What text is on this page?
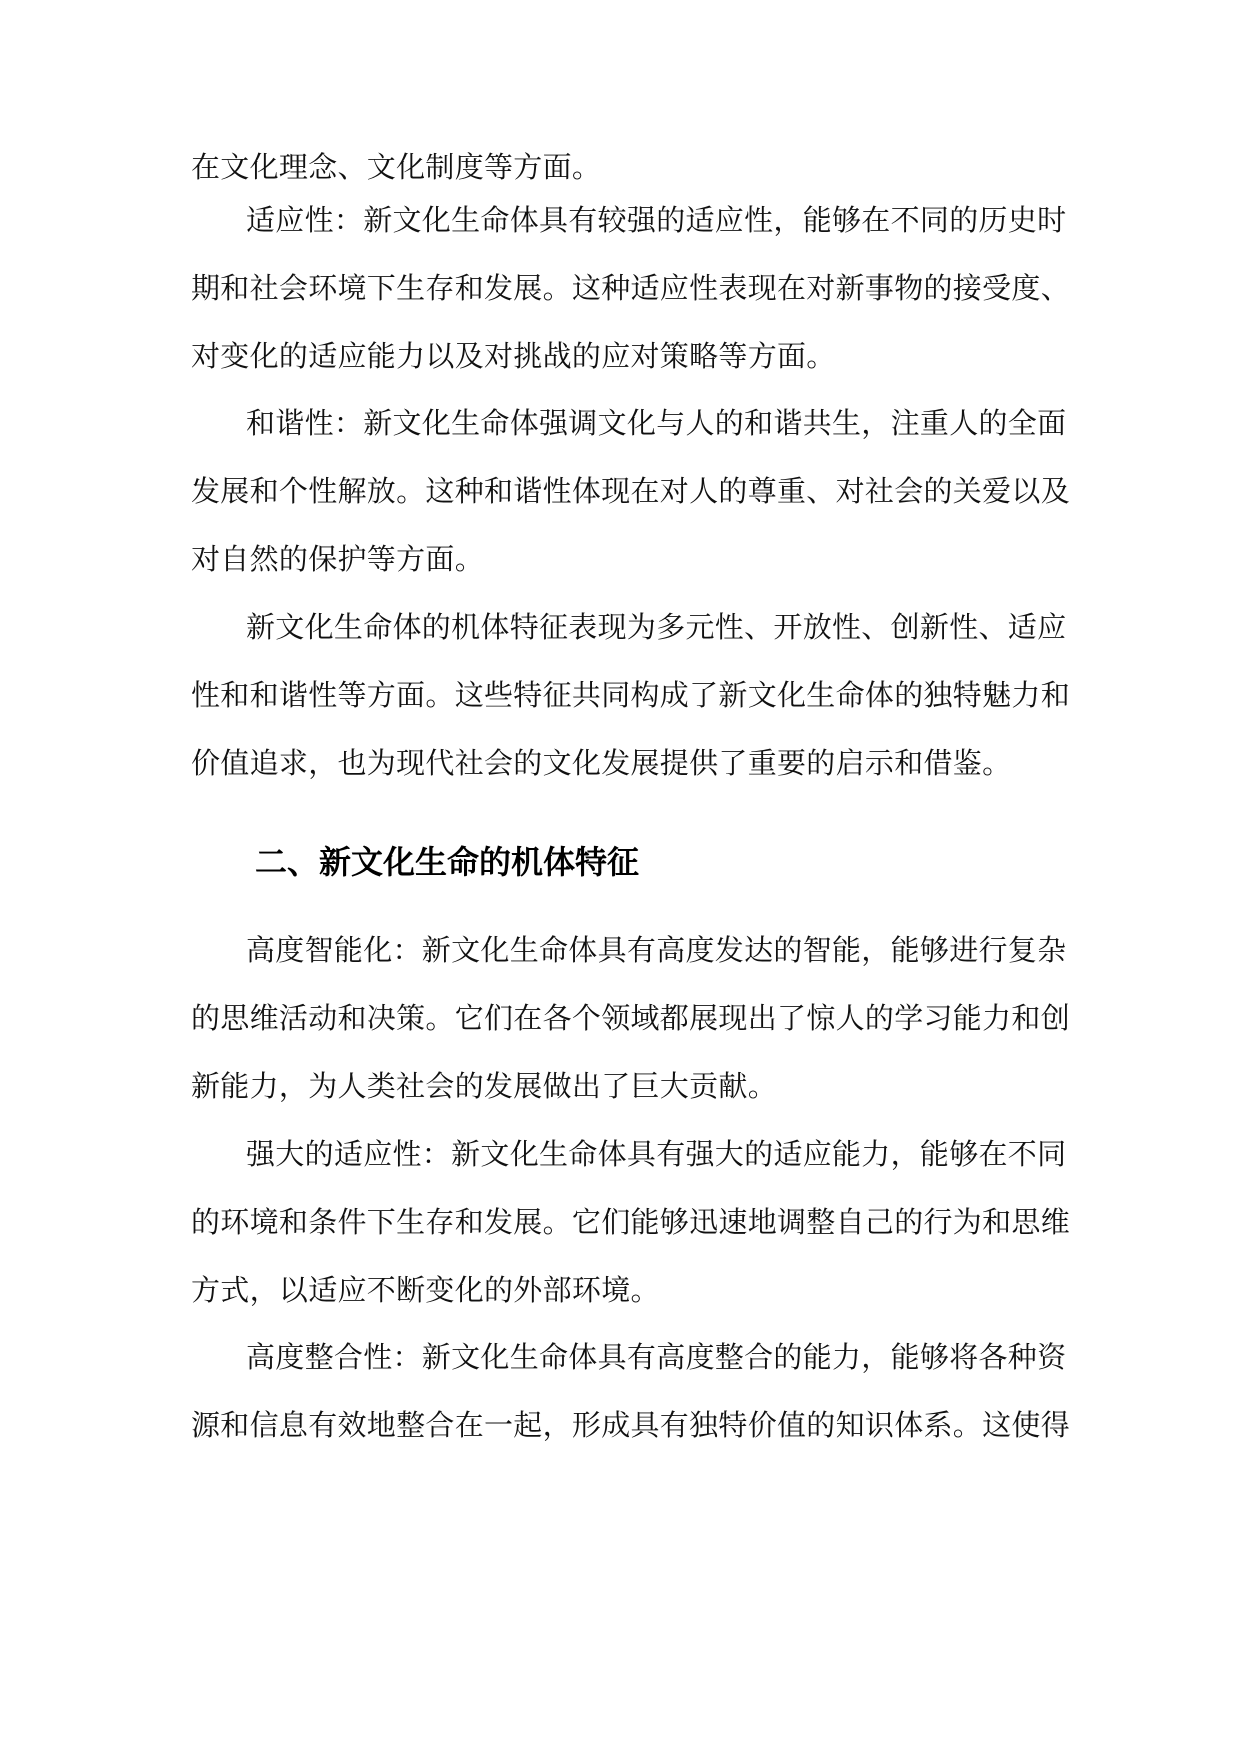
在文化理念、文化制度等方面。
适应性：新文化生命体具有较强的适应性，能够在不同的历史时
期和社会环境下生存和发展。这种适应性表现在对新事物的接受度、
对变化的适应能力以及对挑战的应对策略等方面。
和谐性：新文化生命体强调文化与人的和谐共生，注重人的全面
发展和个性解放。这种和谐性体现在对人的尊重、对社会的关爱以及
对自然的保护等方面。
新文化生命体的机体特征表现为多元性、开放性、创新性、适应
性和和谐性等方面。这些特征共同构成了新文化生命体的独特魅力和
价值追求，也为现代社会的文化发展提供了重要的启示和借鉴。
二、新文化生命的机体特征
高度智能化：新文化生命体具有高度发达的智能，能够进行复杂
的思维活动和决策。它们在各个领域都展现出了惊人的学习能力和创
新能力，为人类社会的发展做出了巨大贡献。
强大的适应性：新文化生命体具有强大的适应能力，能够在不同
的环境和条件下生存和发展。它们能够迅速地调整自己的行为和思维
方式，以适应不断变化的外部环境。
高度整合性：新文化生命体具有高度整合的能力，能够将各种资
源和信息有效地整合在一起，形成具有独特价值的知识体系。这使得
